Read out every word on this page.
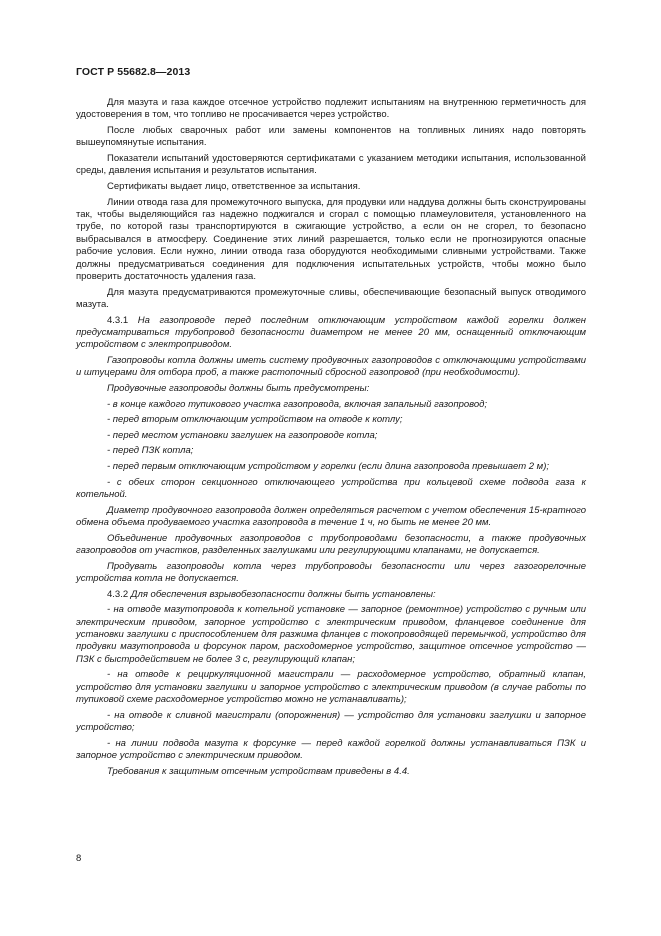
ГОСТ Р 55682.8—2013

Для мазута и газа каждое отсечное устройство подлежит испытаниям на внутреннюю герметичность для удостоверения в том, что топливо не просачивается через устройство.

После любых сварочных работ или замены компонентов на топливных линиях надо повторять вышеупомянутые испытания.

Показатели испытаний удостоверяются сертификатами с указанием методики испытания, использованной среды, давления испытания и результатов испытания.

Сертификаты выдает лицо, ответственное за испытания.

Линии отвода газа для промежуточного выпуска, для продувки или наддува должны быть сконструированы так, чтобы выделяющийся газ надежно поджигался и сгорал с помощью пламеуловителя, установленного на трубе, по которой газы транспортируются в сжигающие устройство, а если он не сгорел, то безопасно выбрасывался в атмосферу. Соединение этих линий разрешается, только если не прогнозируются опасные рабочие условия. Если нужно, линии отвода газа оборудуются необходимыми сливными устройствами. Также должны предусматриваться соединения для подключения испытательных устройств, чтобы можно было проверить достаточность удаления газа.

Для мазута предусматриваются промежуточные сливы, обеспечивающие безопасный выпуск отводимого мазута.

4.3.1 На газопроводе перед последним отключающим устройством каждой горелки должен предусматриваться трубопровод безопасности диаметром не менее 20 мм, оснащенный отключающим устройством с электроприводом.

Газопроводы котла должны иметь систему продувочных газопроводов с отключающими устройствами и штуцерами для отбора проб, а также растопочный сбросной газопровод (при необходимости).

Продувочные газопроводы должны быть предусмотрены:

- в конце каждого тупикового участка газопровода, включая запальный газопровод;

- перед вторым отключающим устройством на отводе к котлу;

- перед местом установки заглушек на газопроводе котла;

- перед ПЗК котла;

- перед первым отключающим устройством у горелки (если длина газопровода превышает 2 м);

- с обеих сторон секционного отключающего устройства при кольцевой схеме подвода газа к котельной.

Диаметр продувочного газопровода должен определяться расчетом с учетом обеспечения 15-кратного обмена объема продуваемого участка газопровода в течение 1 ч, но быть не менее 20 мм.

Объединение продувочных газопроводов с трубопроводами безопасности, а также продувочных газопроводов от участков, разделенных заглушками или регулирующими клапанами, не допускается.

Продувать газопроводы котла через трубопроводы безопасности или через газогорелочные устройства котла не допускается.

4.3.2 Для обеспечения взрывобезопасности должны быть установлены:

- на отводе мазутопровода к котельной установке — запорное (ремонтное) устройство с ручным или электрическим приводом, запорное устройство с электрическим приводом, фланцевое соединение для установки заглушки с приспособлением для разжима фланцев с токопроводящей перемычкой, устройство для продувки мазутопровода и форсунок паром, расходомерное устройство, защитное отсечное устройство — ПЗК с быстродействием не более 3 с, регулирующий клапан;

- на отводе к рециркуляционной магистрали — расходомерное устройство, обратный клапан, устройство для установки заглушки и запорное устройство с электрическим приводом (в случае работы по тупиковой схеме расходомерное устройство можно не устанавливать);

- на отводе к сливной магистрали (опорожнения) — устройство для установки заглушки и запорное устройство;

- на линии подвода мазута к форсунке — перед каждой горелкой должны устанавливаться ПЗК и запорное устройство с электрическим приводом.

Требования к защитным отсечным устройствам приведены в 4.4.

8
